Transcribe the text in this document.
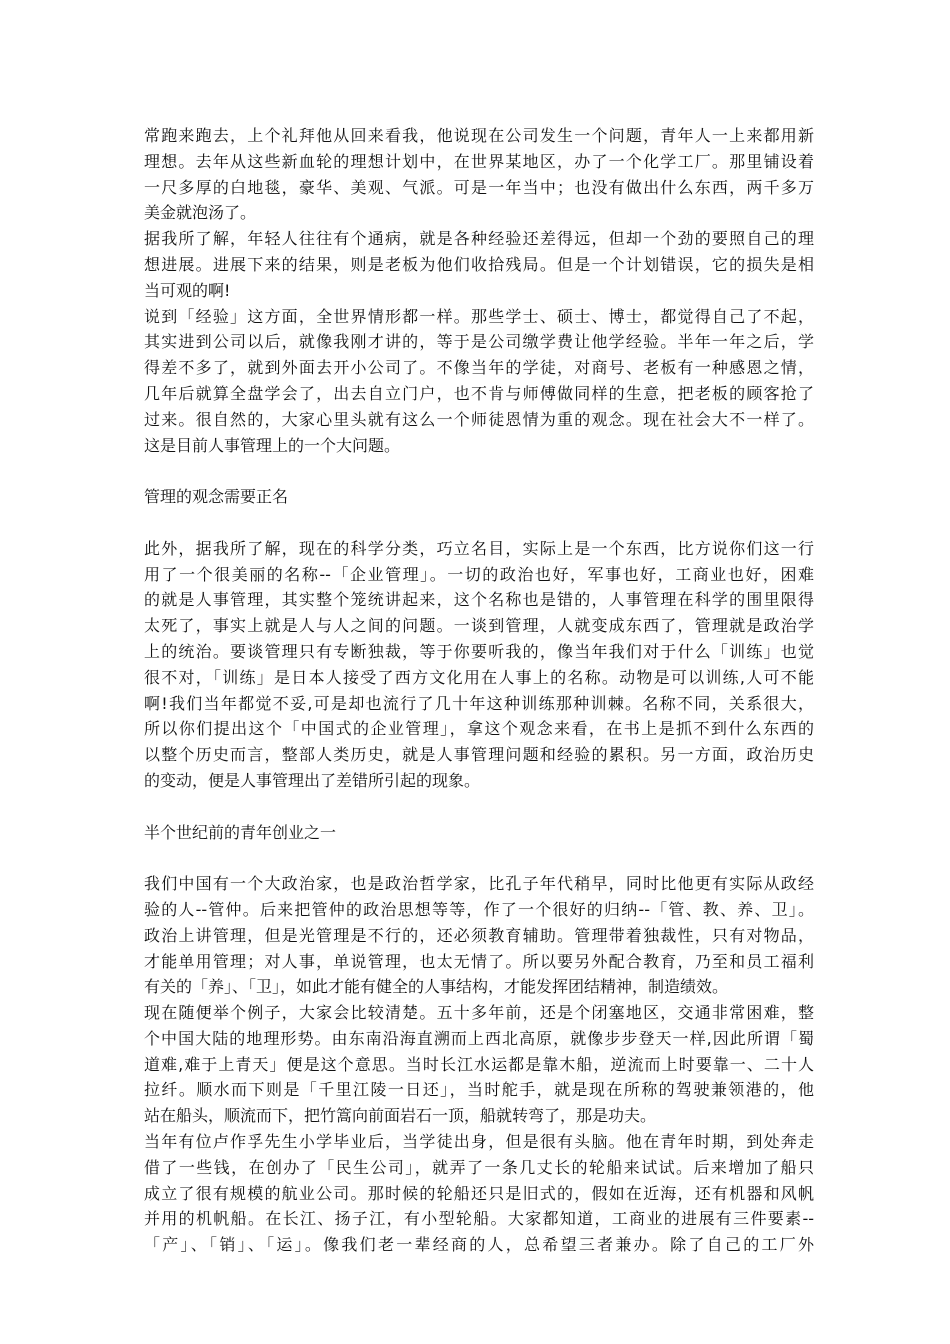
常跑来跑去，上个礼拜他从回来看我，他说现在公司发生一个问题，青年人一上来都用新
理想。去年从这些新血轮的理想计划中，在世界某地区，办了一个化学工厂。那里铺设着
一尺多厚的白地毯，豪华、美观、气派。可是一年当中；也没有做出什么东西，两千多万
美金就泡汤了。
据我所了解，年轻人往往有个通病，就是各种经验还差得远，但却一个劲的要照自己的理
想进展。进展下来的结果，则是老板为他们收拾残局。但是一个计划错误，它的损失是相
当可观的啊!
说到「经验」这方面，全世界情形都一样。那些学士、硕士、博士，都觉得自己了不起，
其实进到公司以后，就像我刚才讲的，等于是公司缴学费让他学经验。半年一年之后，学
得差不多了，就到外面去开小公司了。不像当年的学徒，对商号、老板有一种感恩之情，
几年后就算全盘学会了，出去自立门户，也不肯与师傅做同样的生意，把老板的顾客抢了
过来。很自然的，大家心里头就有这么一个师徒恩情为重的观念。现在社会大不一样了。
这是目前人事管理上的一个大问题。
管理的观念需要正名
此外，据我所了解，现在的科学分类，巧立名目，实际上是一个东西，比方说你们这一行
用了一个很美丽的名称--「企业管理」。一切的政治也好，军事也好，工商业也好，困难
的就是人事管理，其实整个笼统讲起来，这个名称也是错的，人事管理在科学的围里限得
太死了，事实上就是人与人之间的问题。一谈到管理，人就变成东西了，管理就是政治学
上的统治。要谈管理只有专断独裁，等于你要听我的，像当年我们对于什么「训练」也觉
很不对，「训练」是日本人接受了西方文化用在人事上的名称。动物是可以训练,人可不能
啊!我们当年都觉不妥,可是却也流行了几十年这种训练那种训棘。名称不同，关系很大，
所以你们提出这个「中国式的企业管理」，拿这个观念来看，在书上是抓不到什么东西的
以整个历史而言，整部人类历史，就是人事管理问题和经验的累积。另一方面，政治历史
的变动，便是人事管理出了差错所引起的现象。
半个世纪前的青年创业之一
我们中国有一个大政治家，也是政治哲学家，比孔子年代稍早，同时比他更有实际从政经
验的人--管仲。后来把管仲的政治思想等等，作了一个很好的归纳--「管、教、养、卫」。
政治上讲管理，但是光管理是不行的，还必须教育辅助。管理带着独裁性，只有对物品，
才能单用管理；对人事，单说管理，也太无情了。所以要另外配合教育，乃至和员工福利
有关的「养」、「卫」，如此才能有健全的人事结构，才能发挥团结精神，制造绩效。
现在随便举个例子，大家会比较清楚。五十多年前，还是个闭塞地区，交通非常困难，整
个中国大陆的地理形势。由东南沿海直溯而上西北高原，就像步步登天一样,因此所谓「蜀
道难,难于上青天」便是这个意思。当时长江水运都是靠木船，逆流而上时要靠一、二十人
拉纤。顺水而下则是「千里江陵一日还」，当时舵手，就是现在所称的驾驶兼领港的，他
站在船头，顺流而下，把竹篙向前面岩石一顶，船就转弯了，那是功夫。
当年有位卢作孚先生小学毕业后，当学徒出身，但是很有头脑。他在青年时期，到处奔走
借了一些钱，在创办了「民生公司」，就弄了一条几丈长的轮船来试试。后来增加了船只
成立了很有规模的航业公司。那时候的轮船还只是旧式的，假如在近海，还有机器和风帆
并用的机帆船。在长江、扬子江，有小型轮船。大家都知道，工商业的进展有三件要素--
「产」、「销」、「运」。像我们老一辈经商的人，总希望三者兼办。除了自己的工厂外
